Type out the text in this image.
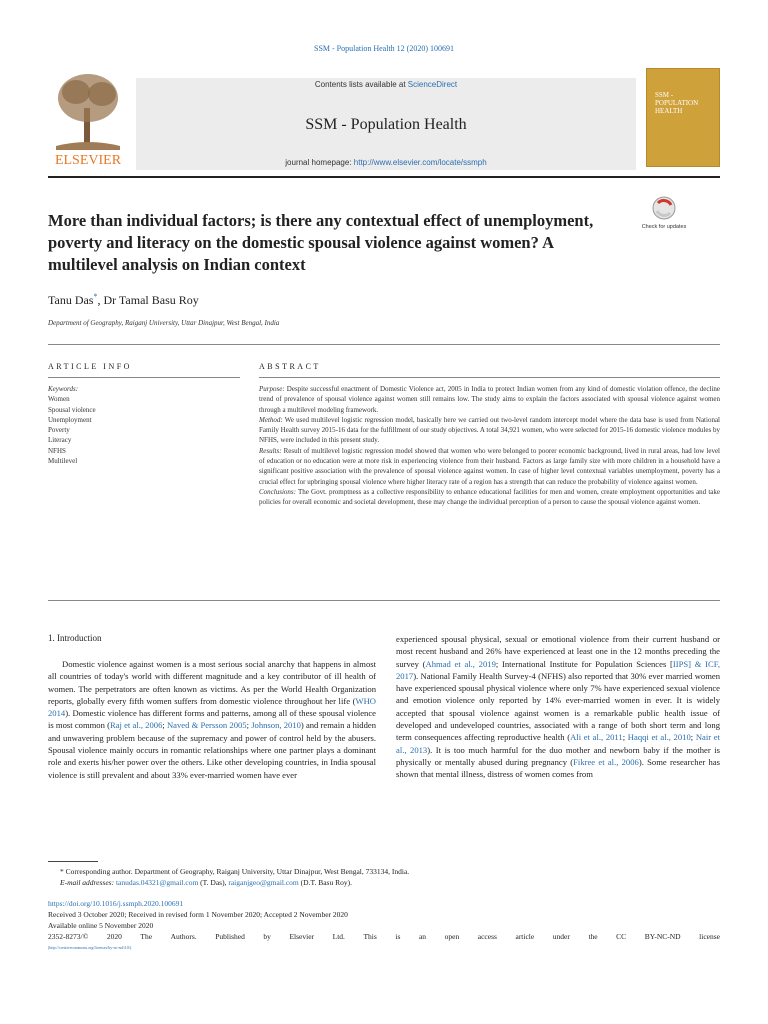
SSM - Population Health 12 (2020) 100691
ELSEVIER
Contents lists available at ScienceDirect
SSM - Population Health
journal homepage: http://www.elsevier.com/locate/ssmph
SSM - POPULATION HEALTH
More than individual factors; is there any contextual effect of unemployment, poverty and literacy on the domestic spousal violence against women? A multilevel analysis on Indian context
Check for updates
Tanu Das*, Dr Tamal Basu Roy
Department of Geography, Raiganj University, Uttar Dinajpur, West Bengal, India
ARTICLE INFO	ABSTRACT
Keywords:
Women
Spousal violence
Unemployment
Poverty
Literacy
NFHS
Multilevel

Purpose: Despite successful enactment of Domestic Violence act, 2005 in India to protect Indian women from any kind of domestic violation offence, the decline trend of prevalence of spousal violence against women still remains low. The study aims to explain the factors associated with spousal violence against women through a multilevel modeling framework.

Method: We used multilevel logistic regression model, basically here we carried out two-level random intercept model where the data base is used from National Family Health survey 2015-16 data for the fulfillment of our study objectives. A total 34,921 women, who were selected for 2015-16 domestic violence modules by NFHS, were included in this present study.

Results: Result of multilevel logistic regression model showed that women who were belonged to poorer economic background, lived in rural areas, had low level of education or no education were at more risk in experiencing violence from their husband. Factors as large family size with more children in a household have a significant positive association with the prevalence of spousal violence against women. In case of higher level contextual variables unemployment, poverty has a crucial effect for upbringing spousal violence where higher literacy rate of a region has a strength that can reduce the probability of violence against women.

Conclusions: The Govt. promptness as a collective responsibility to enhance educational facilities for men and women, create employment opportunities and take policies for overall economic and societal development, these may change the individual perception of a person to cause the spousal violence against women.

1. Introduction
Domestic violence against women is a most serious social anarchy that happens in almost all countries of today's world with different magnitude and a key contributor of ill health of women. The perpetrators are often known as victims. As per the World Health Organization reports, globally every fifth women suffers from domestic violence throughout her life (WHO 2014). Domestic violence has different forms and patterns, among all of these spousal violence is most common (Raj et al., 2006; Naved & Persson 2005; Johnson, 2010) and remain a hidden and unwavering problem because of the supremacy and power of control held by the abusers. Spousal violence mainly occurs in romantic relationships where one partner plays a dominant role and exerts his/her power over the others. Like other developing countries, in India spousal violence is still prevalent and about 33% ever-married women have ever
experienced spousal physical, sexual or emotional violence from their current husband or most recent husband and 26% have experienced at least one in the 12 months preceding the survey (Ahmad et al., 2019; International Institute for Population Sciences [IIPS] & ICF, 2017). National Family Health Survey-4 (NFHS) also reported that 30% ever married women have experienced spousal physical violence where only 7% have experienced sexual violence and emotion violence only reported by 14% ever-married women in ever. It is widely accepted that spousal violence against women is a remarkable public health issue of developed and undeveloped countries, associated with a range of both short term and long term consequences affecting reproductive health (Ali et al., 2011; Haqqi et al., 2010; Nair et al., 2013). It is too much harmful for the duo mother and newborn baby if the mother is physically or mentally abused during pregnancy (Fikree et al., 2006). Some researcher has shown that mental illness, distress of women comes from
* Corresponding author. Department of Geography, Raiganj University, Uttar Dinajpur, West Bengal, 733134, India.
E-mail addresses: tanudas.04321@gmail.com (T. Das), raiganjgeo@gmail.com (D.T. Basu Roy).
https://doi.org/10.1016/j.ssmph.2020.100691
Received 3 October 2020; Received in revised form 1 November 2020; Accepted 2 November 2020
Available online 5 November 2020
2352-8273/© 2020 The Authors. Published by Elsevier Ltd. This is an open access article under the CC BY-NC-ND license
(http://creativecommons.org/licenses/by-nc-nd/4.0/).
